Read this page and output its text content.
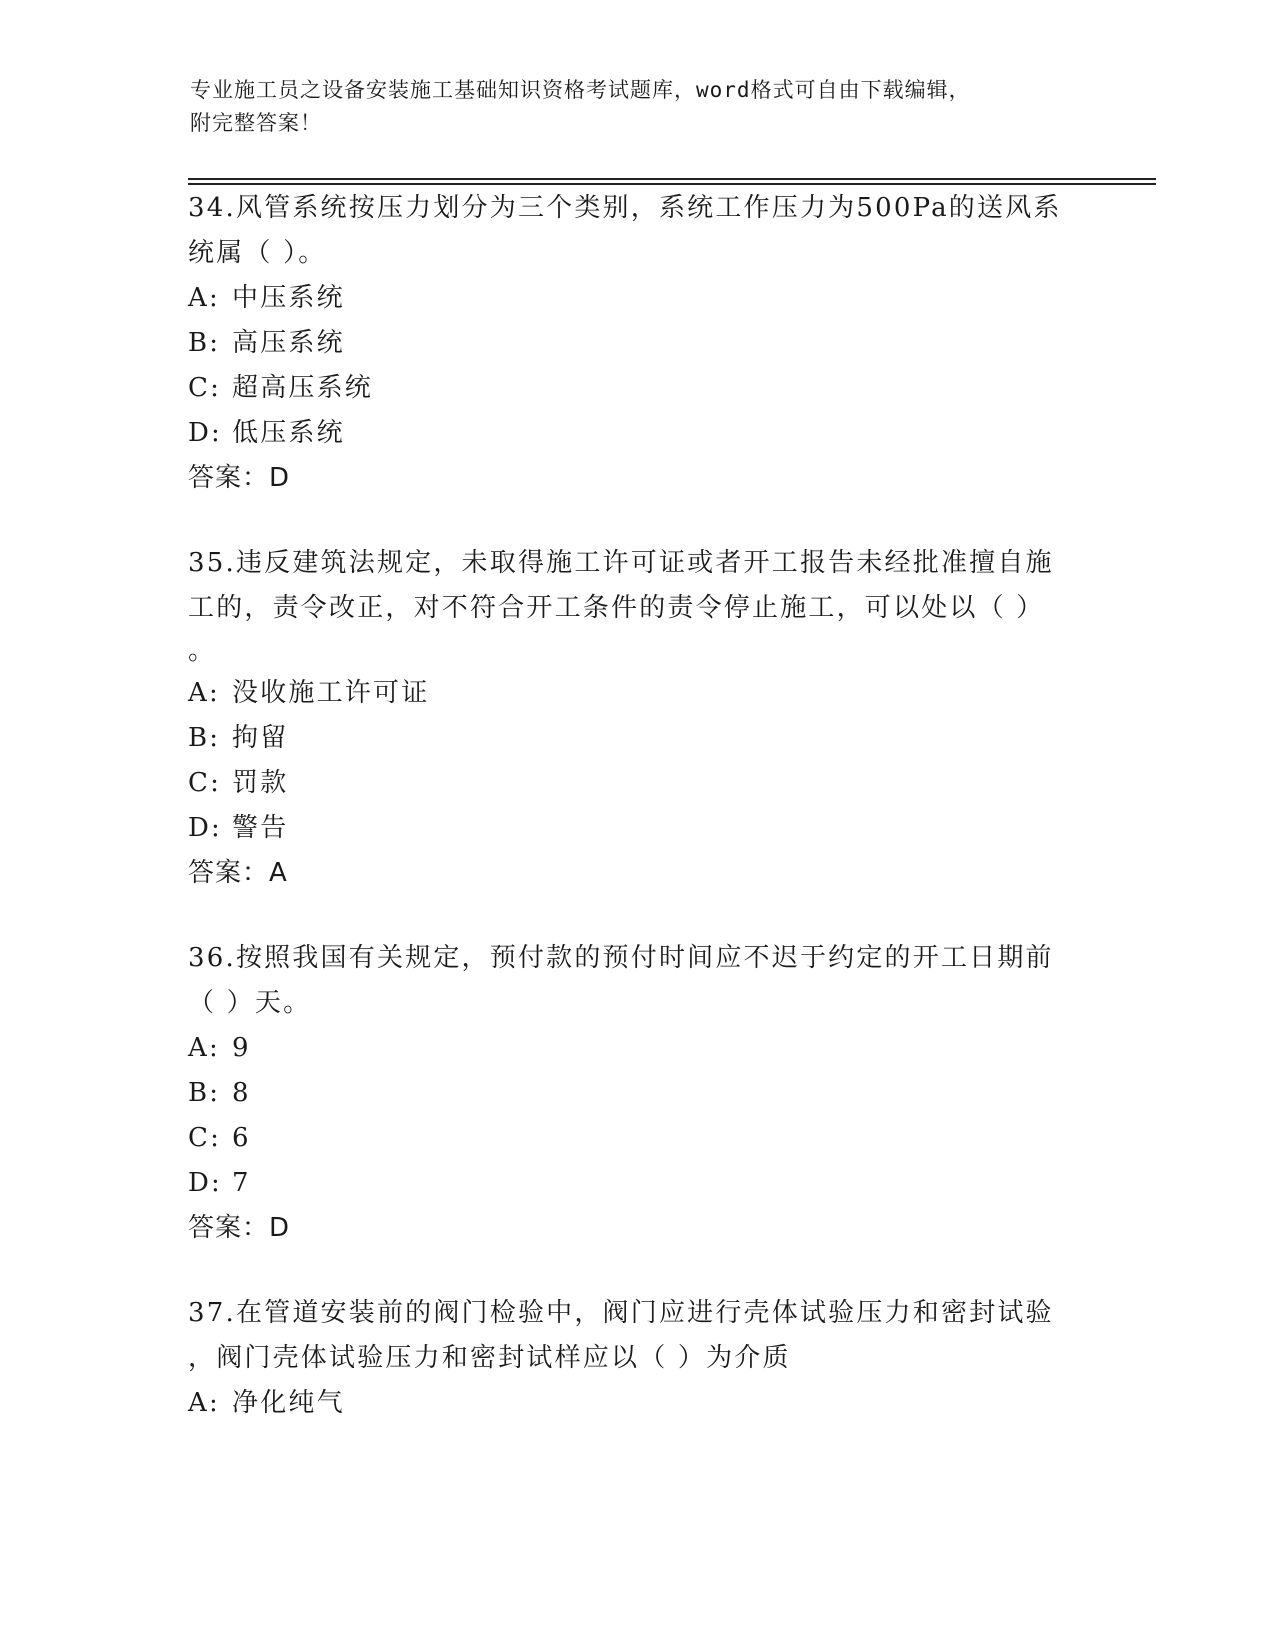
专业施工员之设备安装施工基础知识资格考试题库，word格式可自由下载编辑，
附完整答案！

34.风管系统按压力划分为三个类别，系统工作压力为500Pa的送风系

统属（ ）。

A: 中压系统

B: 高压系统

C: 超高压系统

D: 低压系统

答案：D

35.违反建筑法规定，未取得施工许可证或者开工报告未经批准擅自施

工的，责令改正，对不符合开工条件的责令停止施工，可以处以（ ）

。

A: 没收施工许可证

B: 拘留

C: 罚款

D: 警告

答案：A

36.按照我国有关规定，预付款的预付时间应不迟于约定的开工日期前

（ ）天。

A: 9

B: 8

C: 6

D: 7

答案：D

37.在管道安装前的阀门检验中，阀门应进行壳体试验压力和密封试验

，阀门壳体试验压力和密封试样应以（ ）为介质

A: 净化纯气
